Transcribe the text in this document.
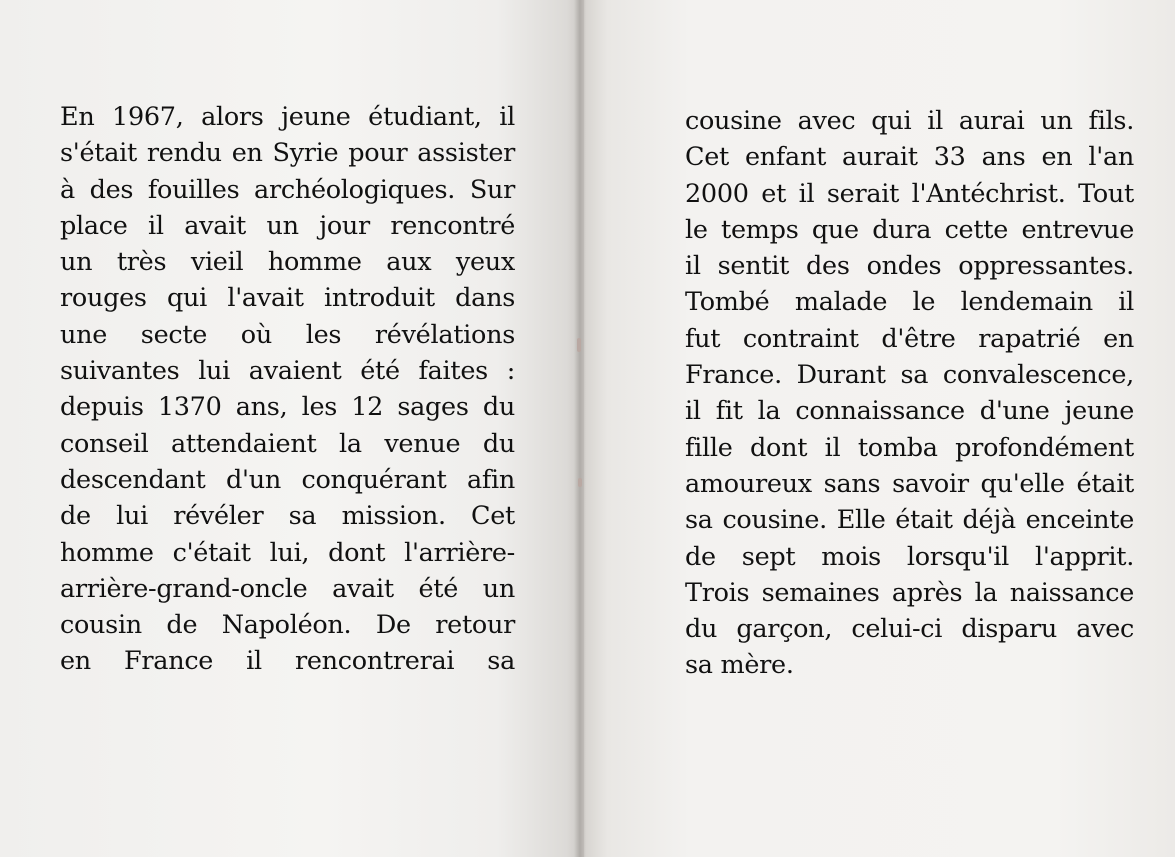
En 1967, alors jeune étudiant, il
s'était rendu en Syrie pour assister
à des fouilles archéologiques. Sur
place il avait un jour rencontré
un très vieil homme aux yeux
rouges qui l'avait introduit dans
une secte où les révélations
suivantes lui avaient été faites :
depuis 1370 ans, les 12 sages du
conseil attendaient la venue du
descendant d'un conquérant afin
de lui révéler sa mission. Cet
homme c'était lui, dont l'arrière-
arrière-grand-oncle avait été un
cousin de Napoléon. De retour
en France il rencontrerai sa
cousine avec qui il aurai un fils.
Cet enfant aurait 33 ans en l'an
2000 et il serait l'Antéchrist. Tout
le temps que dura cette entrevue
il sentit des ondes oppressantes.
Tombé malade le lendemain il
fut contraint d'être rapatrié en
France. Durant sa convalescence,
il fit la connaissance d'une jeune
fille dont il tomba profondément
amoureux sans savoir qu'elle était
sa cousine. Elle était déjà enceinte
de sept mois lorsqu'il l'apprit.
Trois semaines après la naissance
du garçon, celui-ci disparu avec
sa mère.
